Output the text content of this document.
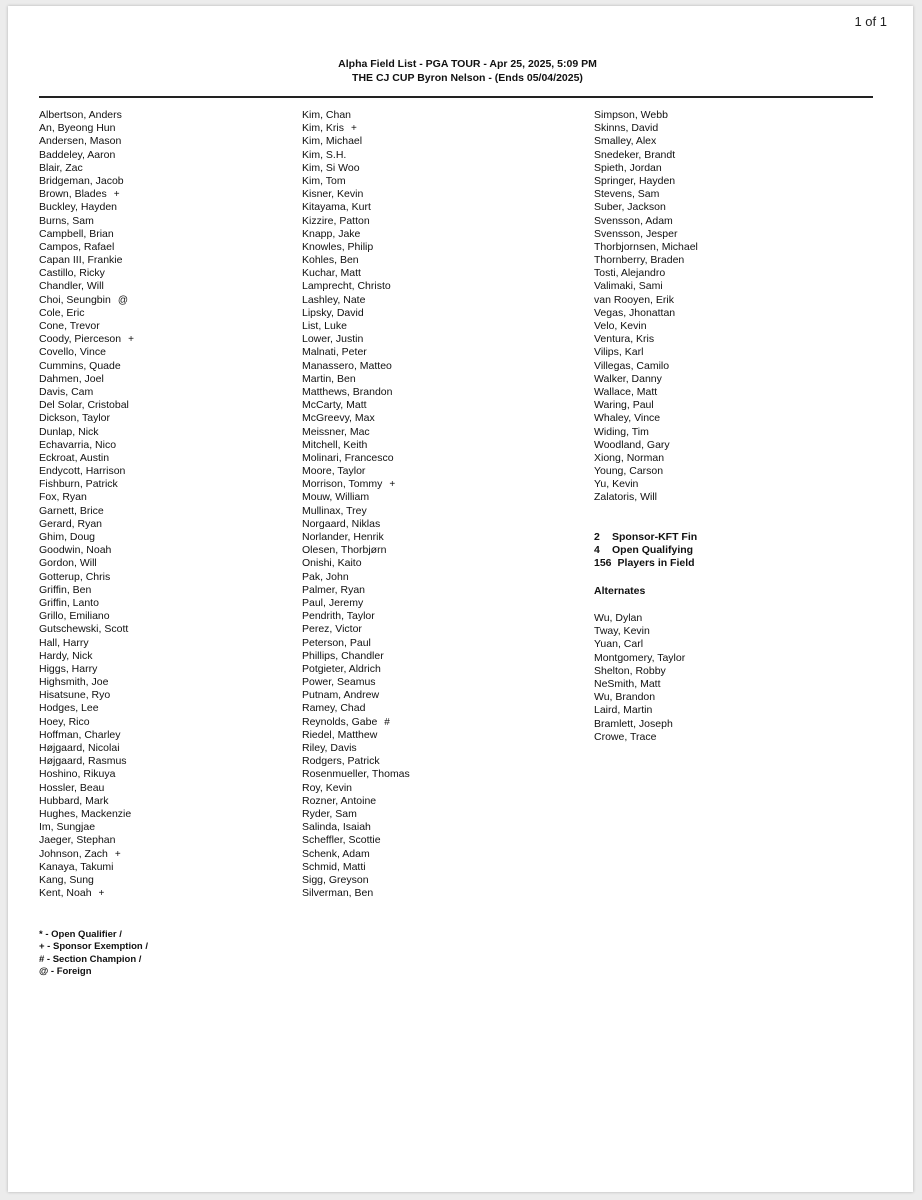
1 of 1
Alpha Field List - PGA TOUR - Apr 25, 2025, 5:09 PM
THE CJ CUP Byron Nelson - (Ends 05/04/2025)
Albertson, Anders
An, Byeong Hun
Andersen, Mason
Baddeley, Aaron
Blair, Zac
Bridgeman, Jacob
Brown, Blades +
Buckley, Hayden
Burns, Sam
Campbell, Brian
Campos, Rafael
Capan III, Frankie
Castillo, Ricky
Chandler, Will
Choi, Seungbin @
Cole, Eric
Cone, Trevor
Coody, Pierceson +
Covello, Vince
Cummins, Quade
Dahmen, Joel
Davis, Cam
Del Solar, Cristobal
Dickson, Taylor
Dunlap, Nick
Echavarria, Nico
Eckroat, Austin
Endycott, Harrison
Fishburn, Patrick
Fox, Ryan
Garnett, Brice
Gerard, Ryan
Ghim, Doug
Goodwin, Noah
Gordon, Will
Gotterup, Chris
Griffin, Ben
Griffin, Lanto
Grillo, Emiliano
Gutschewski, Scott
Hall, Harry
Hardy, Nick
Higgs, Harry
Highsmith, Joe
Hisatsune, Ryo
Hodges, Lee
Hoey, Rico
Hoffman, Charley
Højgaard, Nicolai
Højgaard, Rasmus
Hoshino, Rikuya
Hossler, Beau
Hubbard, Mark
Hughes, Mackenzie
Im, Sungjae
Jaeger, Stephan
Johnson, Zach +
Kanaya, Takumi
Kang, Sung
Kent, Noah +
Kim, Chan
Kim, Kris +
Kim, Michael
Kim, S.H.
Kim, Si Woo
Kim, Tom
Kisner, Kevin
Kitayama, Kurt
Kizzire, Patton
Knapp, Jake
Knowles, Philip
Kohles, Ben
Kuchar, Matt
Lamprecht, Christo
Lashley, Nate
Lipsky, David
List, Luke
Lower, Justin
Malnati, Peter
Manassero, Matteo
Martin, Ben
Matthews, Brandon
McCarty, Matt
McGreevy, Max
Meissner, Mac
Mitchell, Keith
Molinari, Francesco
Moore, Taylor
Morrison, Tommy +
Mouw, William
Mullinax, Trey
Norgaard, Niklas
Norlander, Henrik
Olesen, Thorbjørn
Onishi, Kaito
Pak, John
Palmer, Ryan
Paul, Jeremy
Pendrith, Taylor
Perez, Victor
Peterson, Paul
Phillips, Chandler
Potgieter, Aldrich
Power, Seamus
Putnam, Andrew
Ramey, Chad
Reynolds, Gabe #
Riedel, Matthew
Riley, Davis
Rodgers, Patrick
Rosenmueller, Thomas
Roy, Kevin
Rozner, Antoine
Ryder, Sam
Salinda, Isaiah
Scheffler, Scottie
Schenk, Adam
Schmid, Matti
Sigg, Greyson
Silverman, Ben
Simpson, Webb
Skinns, David
Smalley, Alex
Snedeker, Brandt
Spieth, Jordan
Springer, Hayden
Stevens, Sam
Suber, Jackson
Svensson, Adam
Svensson, Jesper
Thorbjornsen, Michael
Thornberry, Braden
Tosti, Alejandro
Valimaki, Sami
van Rooyen, Erik
Vegas, Jhonattan
Velo, Kevin
Ventura, Kris
Vilips, Karl
Villegas, Camilo
Walker, Danny
Wallace, Matt
Waring, Paul
Whaley, Vince
Widing, Tim
Woodland, Gary
Xiong, Norman
Young, Carson
Yu, Kevin
Zalatoris, Will
2 Sponsor-KFT Fin
4 Open Qualifying
156 Players in Field
Alternates
Wu, Dylan
Tway, Kevin
Yuan, Carl
Montgomery, Taylor
Shelton, Robby
NeSmith, Matt
Wu, Brandon
Laird, Martin
Bramlett, Joseph
Crowe, Trace
* - Open Qualifier /
+ - Sponsor Exemption /
# - Section Champion /
@ - Foreign
